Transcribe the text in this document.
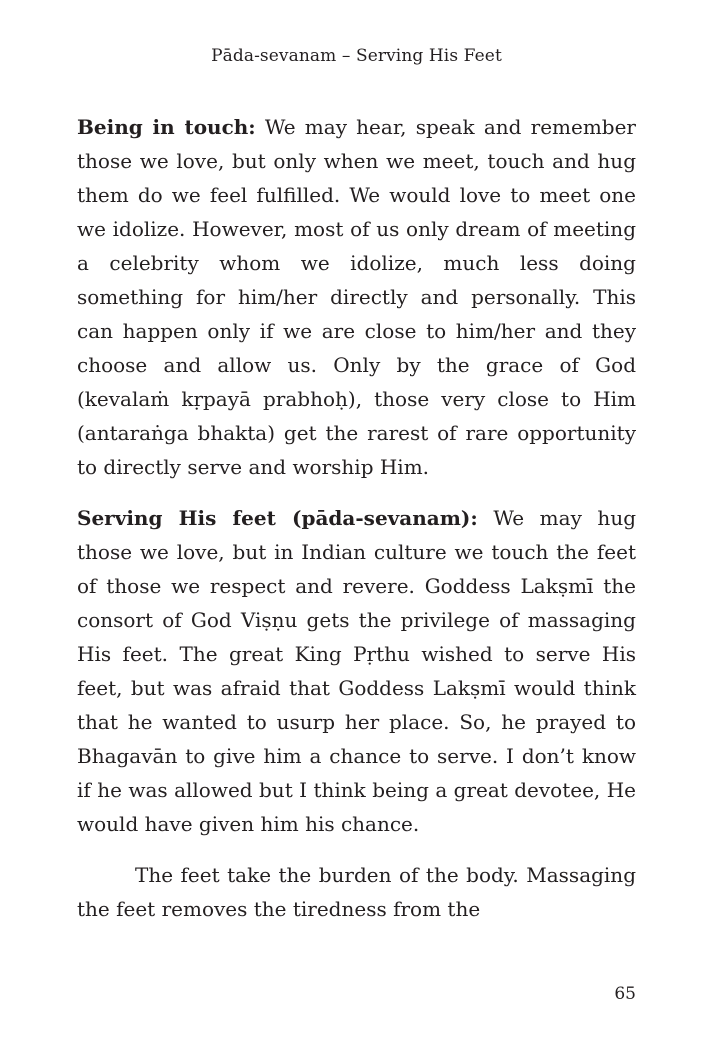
Pāda-sevanam – Serving His Feet

Being in touch: We may hear, speak and remember those we love, but only when we meet, touch and hug them do we feel fulfilled. We would love to meet one we idolize. However, most of us only dream of meeting a celebrity whom we idolize, much less doing something for him/her directly and personally. This can happen only if we are close to him/her and they choose and allow us. Only by the grace of God (kevalaṁ kṛpayā prabhoḥ), those very close to Him (antaraṅga bhakta) get the rarest of rare opportunity to directly serve and worship Him.

Serving His feet (pāda-sevanam): We may hug those we love, but in Indian culture we touch the feet of those we respect and revere. Goddess Lakṣmī the consort of God Viṣṇu gets the privilege of massaging His feet. The great King Pṛthu wished to serve His feet, but was afraid that Goddess Lakṣmī would think that he wanted to usurp her place. So, he prayed to Bhagavān to give him a chance to serve. I don’t know if he was allowed but I think being a great devotee, He would have given him his chance.

The feet take the burden of the body. Massaging the feet removes the tiredness from the

65
